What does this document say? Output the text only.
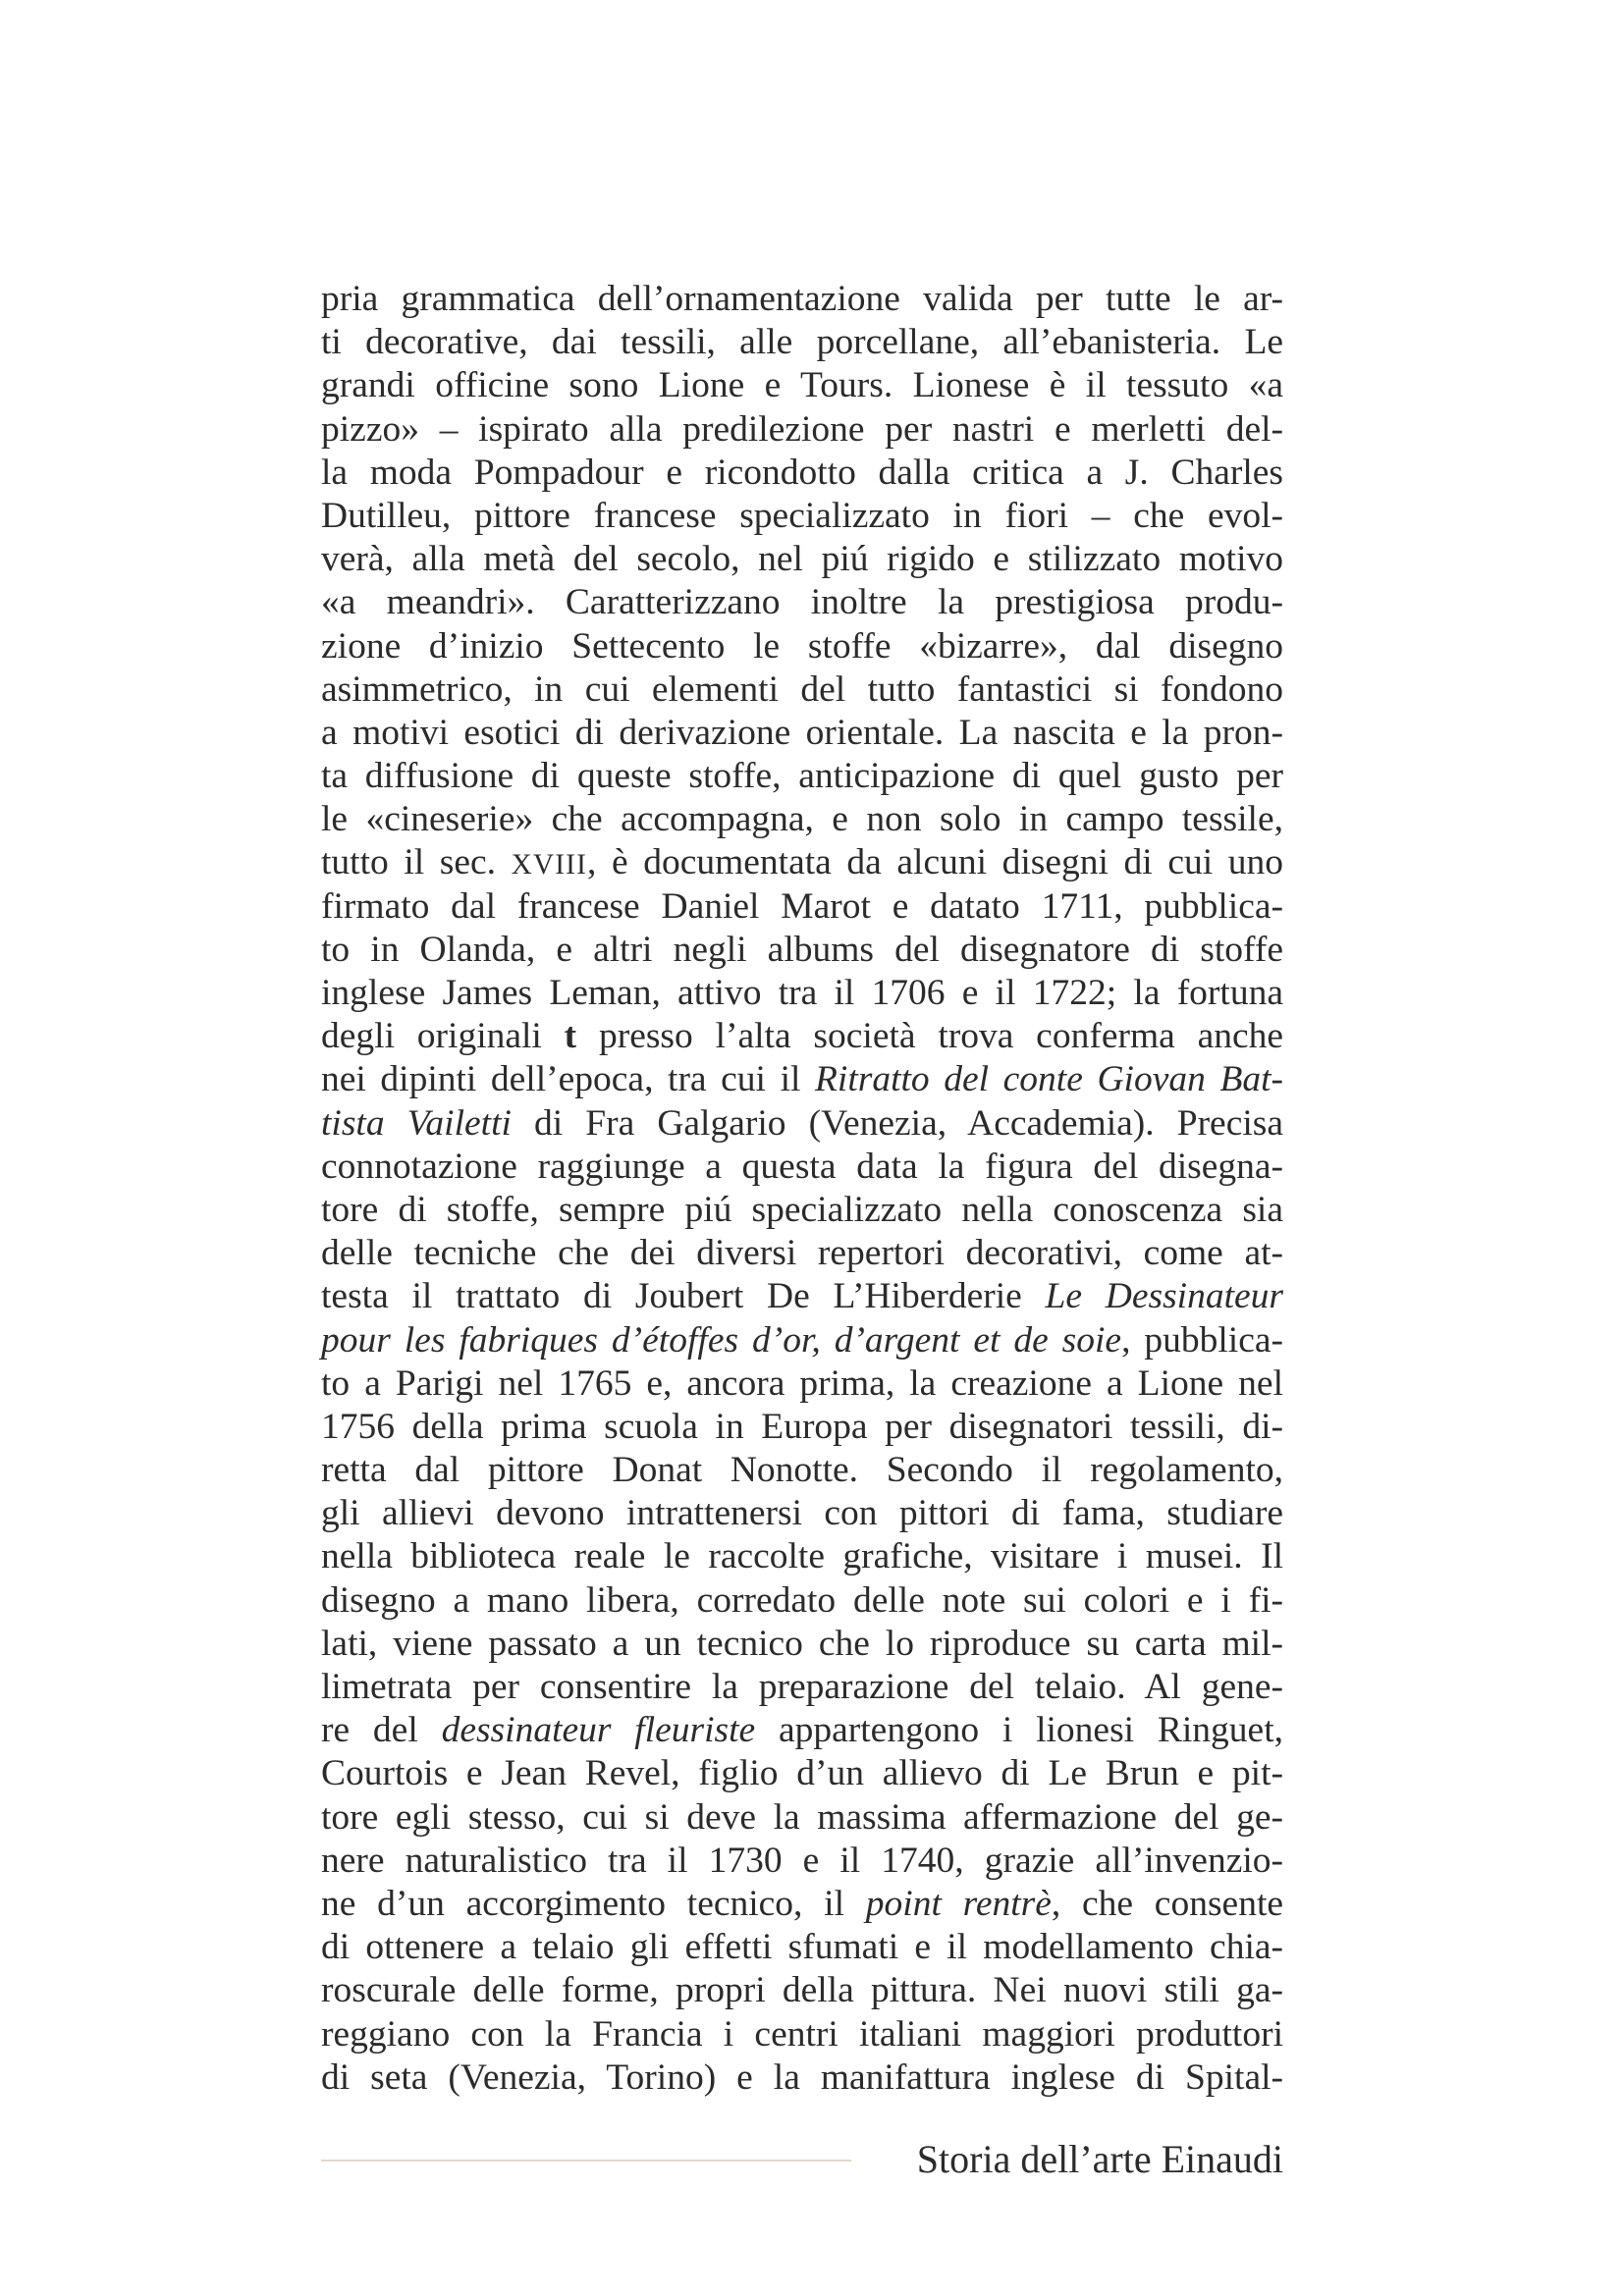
pria grammatica dell’ornamentazione valida per tutte le ar-
ti decorative, dai tessili, alle porcellane, all’ebanisteria. Le
grandi officine sono Lione e Tours. Lionese è il tessuto «a
pizzo» – ispirato alla predilezione per nastri e merletti del-
la moda Pompadour e ricondotto dalla critica a J. Charles
Dutilleu, pittore francese specializzato in fiori – che evol-
verà, alla metà del secolo, nel piú rigido e stilizzato motivo
«a meandri». Caratterizzano inoltre la prestigiosa produ-
zione d’inizio Settecento le stoffe «bizarre», dal disegno
asimmetrico, in cui elementi del tutto fantastici si fondono
a motivi esotici di derivazione orientale. La nascita e la pron-
ta diffusione di queste stoffe, anticipazione di quel gusto per
le «cineserie» che accompagna, e non solo in campo tessile,
tutto il sec. XVIII, è documentata da alcuni disegni di cui uno
firmato dal francese Daniel Marot e datato 1711, pubblica-
to in Olanda, e altri negli albums del disegnatore di stoffe
inglese James Leman, attivo tra il 1706 e il 1722; la fortuna
degli originali t presso l’alta società trova conferma anche
nei dipinti dell’epoca, tra cui il Ritratto del conte Giovan Bat-
tista Vailetti di Fra Galgario (Venezia, Accademia). Precisa
connotazione raggiunge a questa data la figura del disegna-
tore di stoffe, sempre piú specializzato nella conoscenza sia
delle tecniche che dei diversi repertori decorativi, come at-
testa il trattato di Joubert De L’Hiberderie Le Dessinateur
pour les fabriques d’étoffes d’or, d’argent et de soie, pubblica-
to a Parigi nel 1765 e, ancora prima, la creazione a Lione nel
1756 della prima scuola in Europa per disegnatori tessili, di-
retta dal pittore Donat Nonotte. Secondo il regolamento,
gli allievi devono intrattenersi con pittori di fama, studiare
nella biblioteca reale le raccolte grafiche, visitare i musei. Il
disegno a mano libera, corredato delle note sui colori e i fi-
lati, viene passato a un tecnico che lo riproduce su carta mil-
limetrata per consentire la preparazione del telaio. Al gene-
re del dessinateur fleuriste appartengono i lionesi Ringuet,
Courtois e Jean Revel, figlio d’un allievo di Le Brun e pit-
tore egli stesso, cui si deve la massima affermazione del ge-
nere naturalistico tra il 1730 e il 1740, grazie all’invenzio-
ne d’un accorgimento tecnico, il point rentrè, che consente
di ottenere a telaio gli effetti sfumati e il modellamento chia-
roscurale delle forme, propri della pittura. Nei nuovi stili ga-
reggiano con la Francia i centri italiani maggiori produttori
di seta (Venezia, Torino) e la manifattura inglese di Spital-
Storia dell’arte Einaudi
